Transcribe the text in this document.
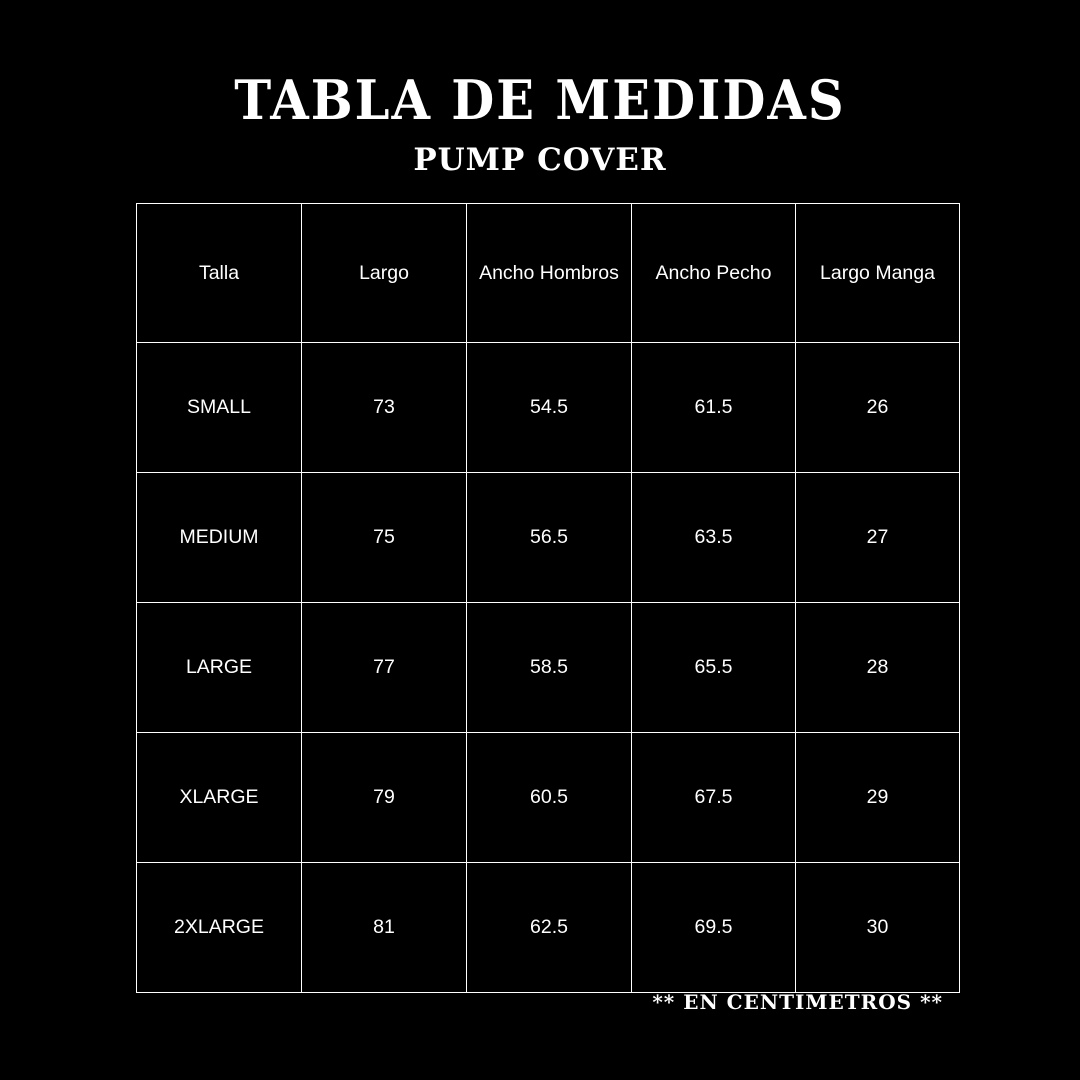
TABLA DE MEDIDAS
PUMP COVER
Talla	Largo	Ancho Hombros	Ancho Pecho	Largo Manga
SMALL	73	54.5	61.5	26
MEDIUM	75	56.5	63.5	27
LARGE	77	58.5	65.5	28
XLARGE	79	60.5	67.5	29
2XLARGE	81	62.5	69.5	30
** EN CENTIMETROS **
